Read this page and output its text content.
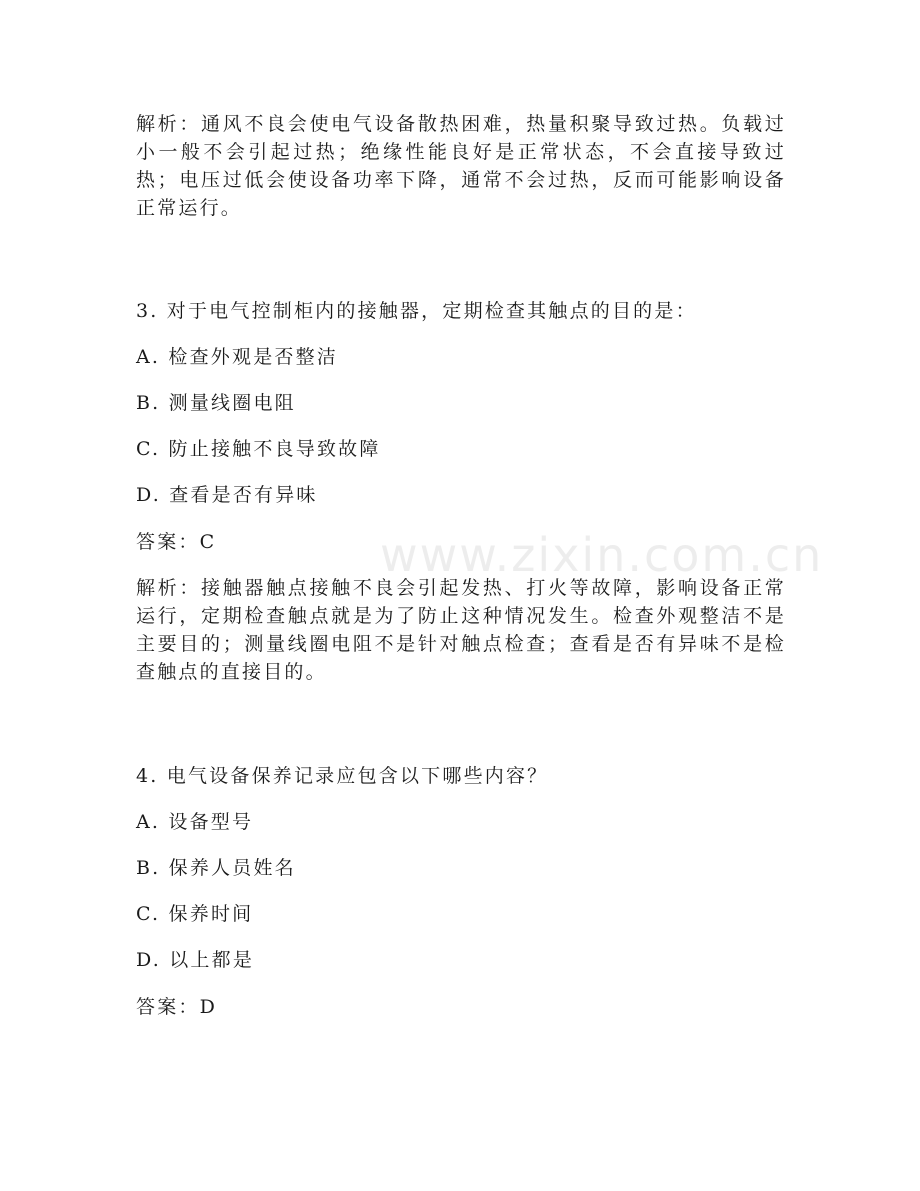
解析：通风不良会使电气设备散热困难，热量积聚导致过热。负载过小一般不会引起过热；绝缘性能良好是正常状态，不会直接导致过热；电压过低会使设备功率下降，通常不会过热，反而可能影响设备正常运行。

3. 对于电气控制柜内的接触器，定期检查其触点的目的是：

A. 检查外观是否整洁

B. 测量线圈电阻

C. 防止接触不良导致故障

D. 查看是否有异味

答案：C

解析：接触器触点接触不良会引起发热、打火等故障，影响设备正常运行，定期检查触点就是为了防止这种情况发生。检查外观整洁不是主要目的；测量线圈电阻不是针对触点检查；查看是否有异味不是检查触点的直接目的。

4. 电气设备保养记录应包含以下哪些内容？

A. 设备型号

B. 保养人员姓名

C. 保养时间

D. 以上都是

答案：D

www.zixin.com.cn
